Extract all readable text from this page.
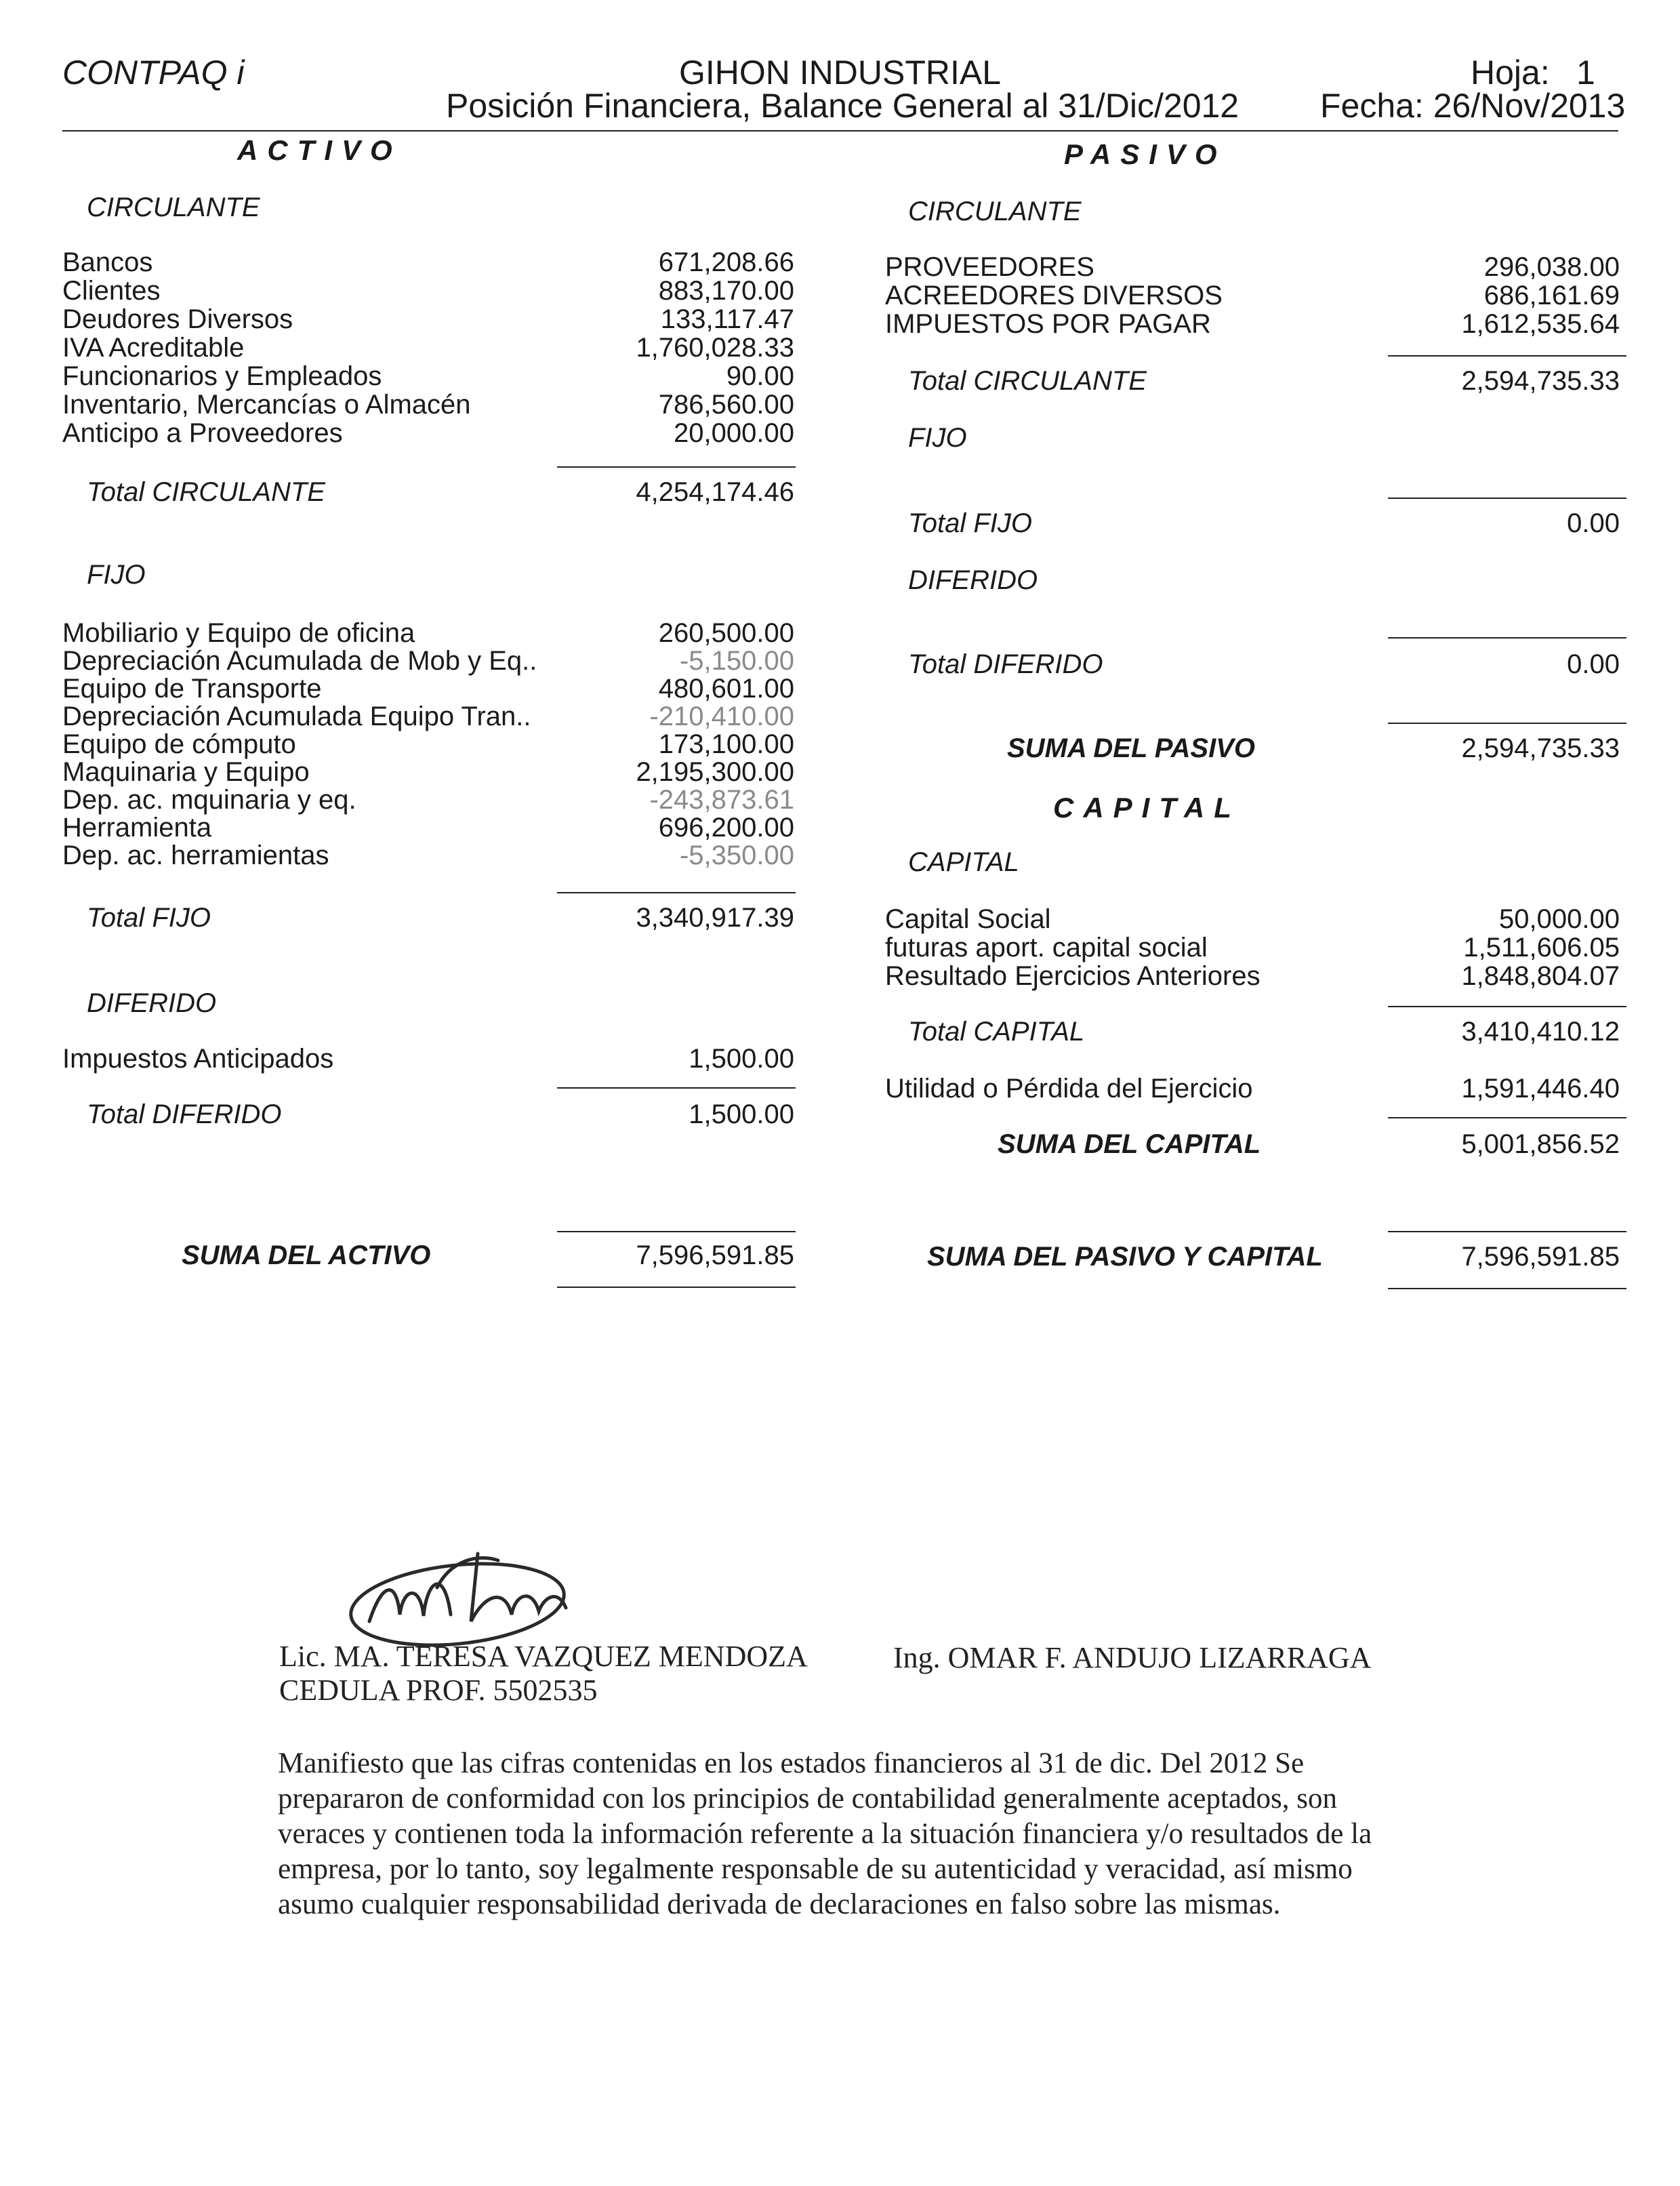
CONTPAQ i	GIHON INDUSTRIAL
Posición Financiera, Balance General al 31/Dic/2012
Hoja: 1
Fecha: 26/Nov/2013
ACTIVO
CIRCULANTE
Bancos	671,208.66
Clientes	883,170.00
Deudores Diversos	133,117.47
IVA Acreditable	1,760,028.33
Funcionarios y Empleados	90.00
Inventario, Mercancías o Almacén	786,560.00
Anticipo a Proveedores	20,000.00
Total CIRCULANTE	4,254,174.46
FIJO
Mobiliario y Equipo de oficina	260,500.00
Depreciación Acumulada de Mob y Eq..	-5,150.00
Equipo de Transporte	480,601.00
Depreciación Acumulada Equipo Tran..	-210,410.00
Equipo de cómputo	173,100.00
Maquinaria y Equipo	2,195,300.00
Dep. ac. mquinaria y eq.	-243,873.61
Herramienta	696,200.00
Dep. ac. herramientas	-5,350.00
Total FIJO	3,340,917.39
DIFERIDO
Impuestos Anticipados	1,500.00
Total DIFERIDO	1,500.00
SUMA DEL ACTIVO	7,596,591.85
PASIVO
CIRCULANTE
PROVEEDORES	296,038.00
ACREEDORES DIVERSOS	686,161.69
IMPUESTOS POR PAGAR	1,612,535.64
Total CIRCULANTE	2,594,735.33
FIJO
Total FIJO	0.00
DIFERIDO
Total DIFERIDO	0.00
SUMA DEL PASIVO	2,594,735.33
CAPITAL
CAPITAL
Capital Social	50,000.00
futuras aport. capital social	1,511,606.05
Resultado Ejercicios Anteriores	1,848,804.07
Total CAPITAL	3,410,410.12
Utilidad o Pérdida del Ejercicio	1,591,446.40
SUMA DEL CAPITAL	5,001,856.52
SUMA DEL PASIVO Y CAPITAL	7,596,591.85
Lic. MA. TERESA VAZQUEZ MENDOZA
CEDULA PROF. 5502535
Ing. OMAR F. ANDUJO LIZARRAGA
Manifiesto que las cifras contenidas en los estados financieros al 31 de dic. Del 2012 Se prepararon de conformidad con los principios de contabilidad generalmente aceptados, son veraces y contienen toda la información referente a la situación financiera y/o resultados de la empresa, por lo tanto, soy legalmente responsable de su autenticidad y veracidad, así mismo asumo cualquier responsabilidad derivada de declaraciones en falso sobre las mismas.
